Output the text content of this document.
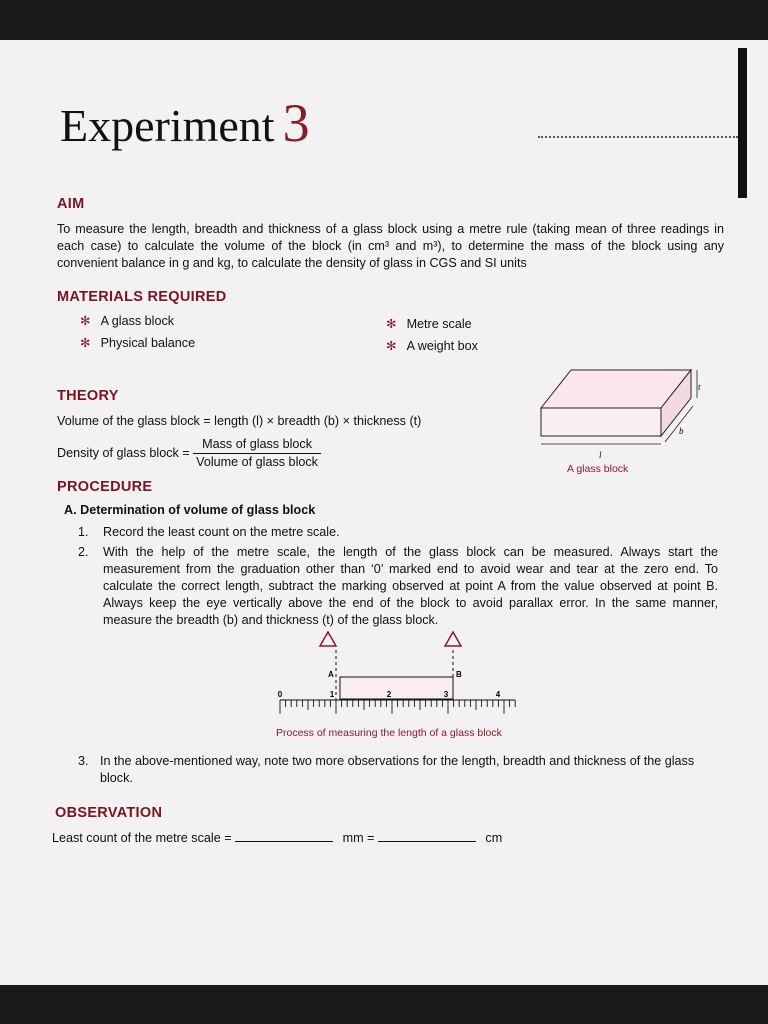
Experiment 3
AIM
To measure the length, breadth and thickness of a glass block using a metre rule (taking mean of three readings in each case) to calculate the volume of the block (in cm³ and m³), to determine the mass of the block using any convenient balance in g and kg, to calculate the density of glass in CGS and SI units
MATERIALS REQUIRED
✻ A glass block
✻ Physical balance
✻ Metre scale
✻ A weight box
THEORY
Volume of the glass block = length (l) × breadth (b) × thickness (t)
Density of glass block = $\frac{\text{Mass of glass block}}{\text{Volume of glass block}}$	l
b
t
A glass block
PROCEDURE
A. Determination of volume of glass block
1. Record the least count on the metre scale.
2. With the help of the metre scale, the length of the glass block can be measured. Always start the measurement from the graduation other than ‘0’ marked end to avoid wear and tear at the zero end. To calculate the correct length, subtract the marking observed at point A from the value observed at point B. Always keep the eye vertically above the end of the block to avoid parallax error. In the same manner, measure the breadth (b) and thickness (t) of the glass block.
A	B
0	1	2	3	4
Process of measuring the length of a glass block
3. In the above-mentioned way, note two more observations for the length, breadth and thickness of the glass block.
OBSERVATION
Least count of the metre scale =	mm =	cm
